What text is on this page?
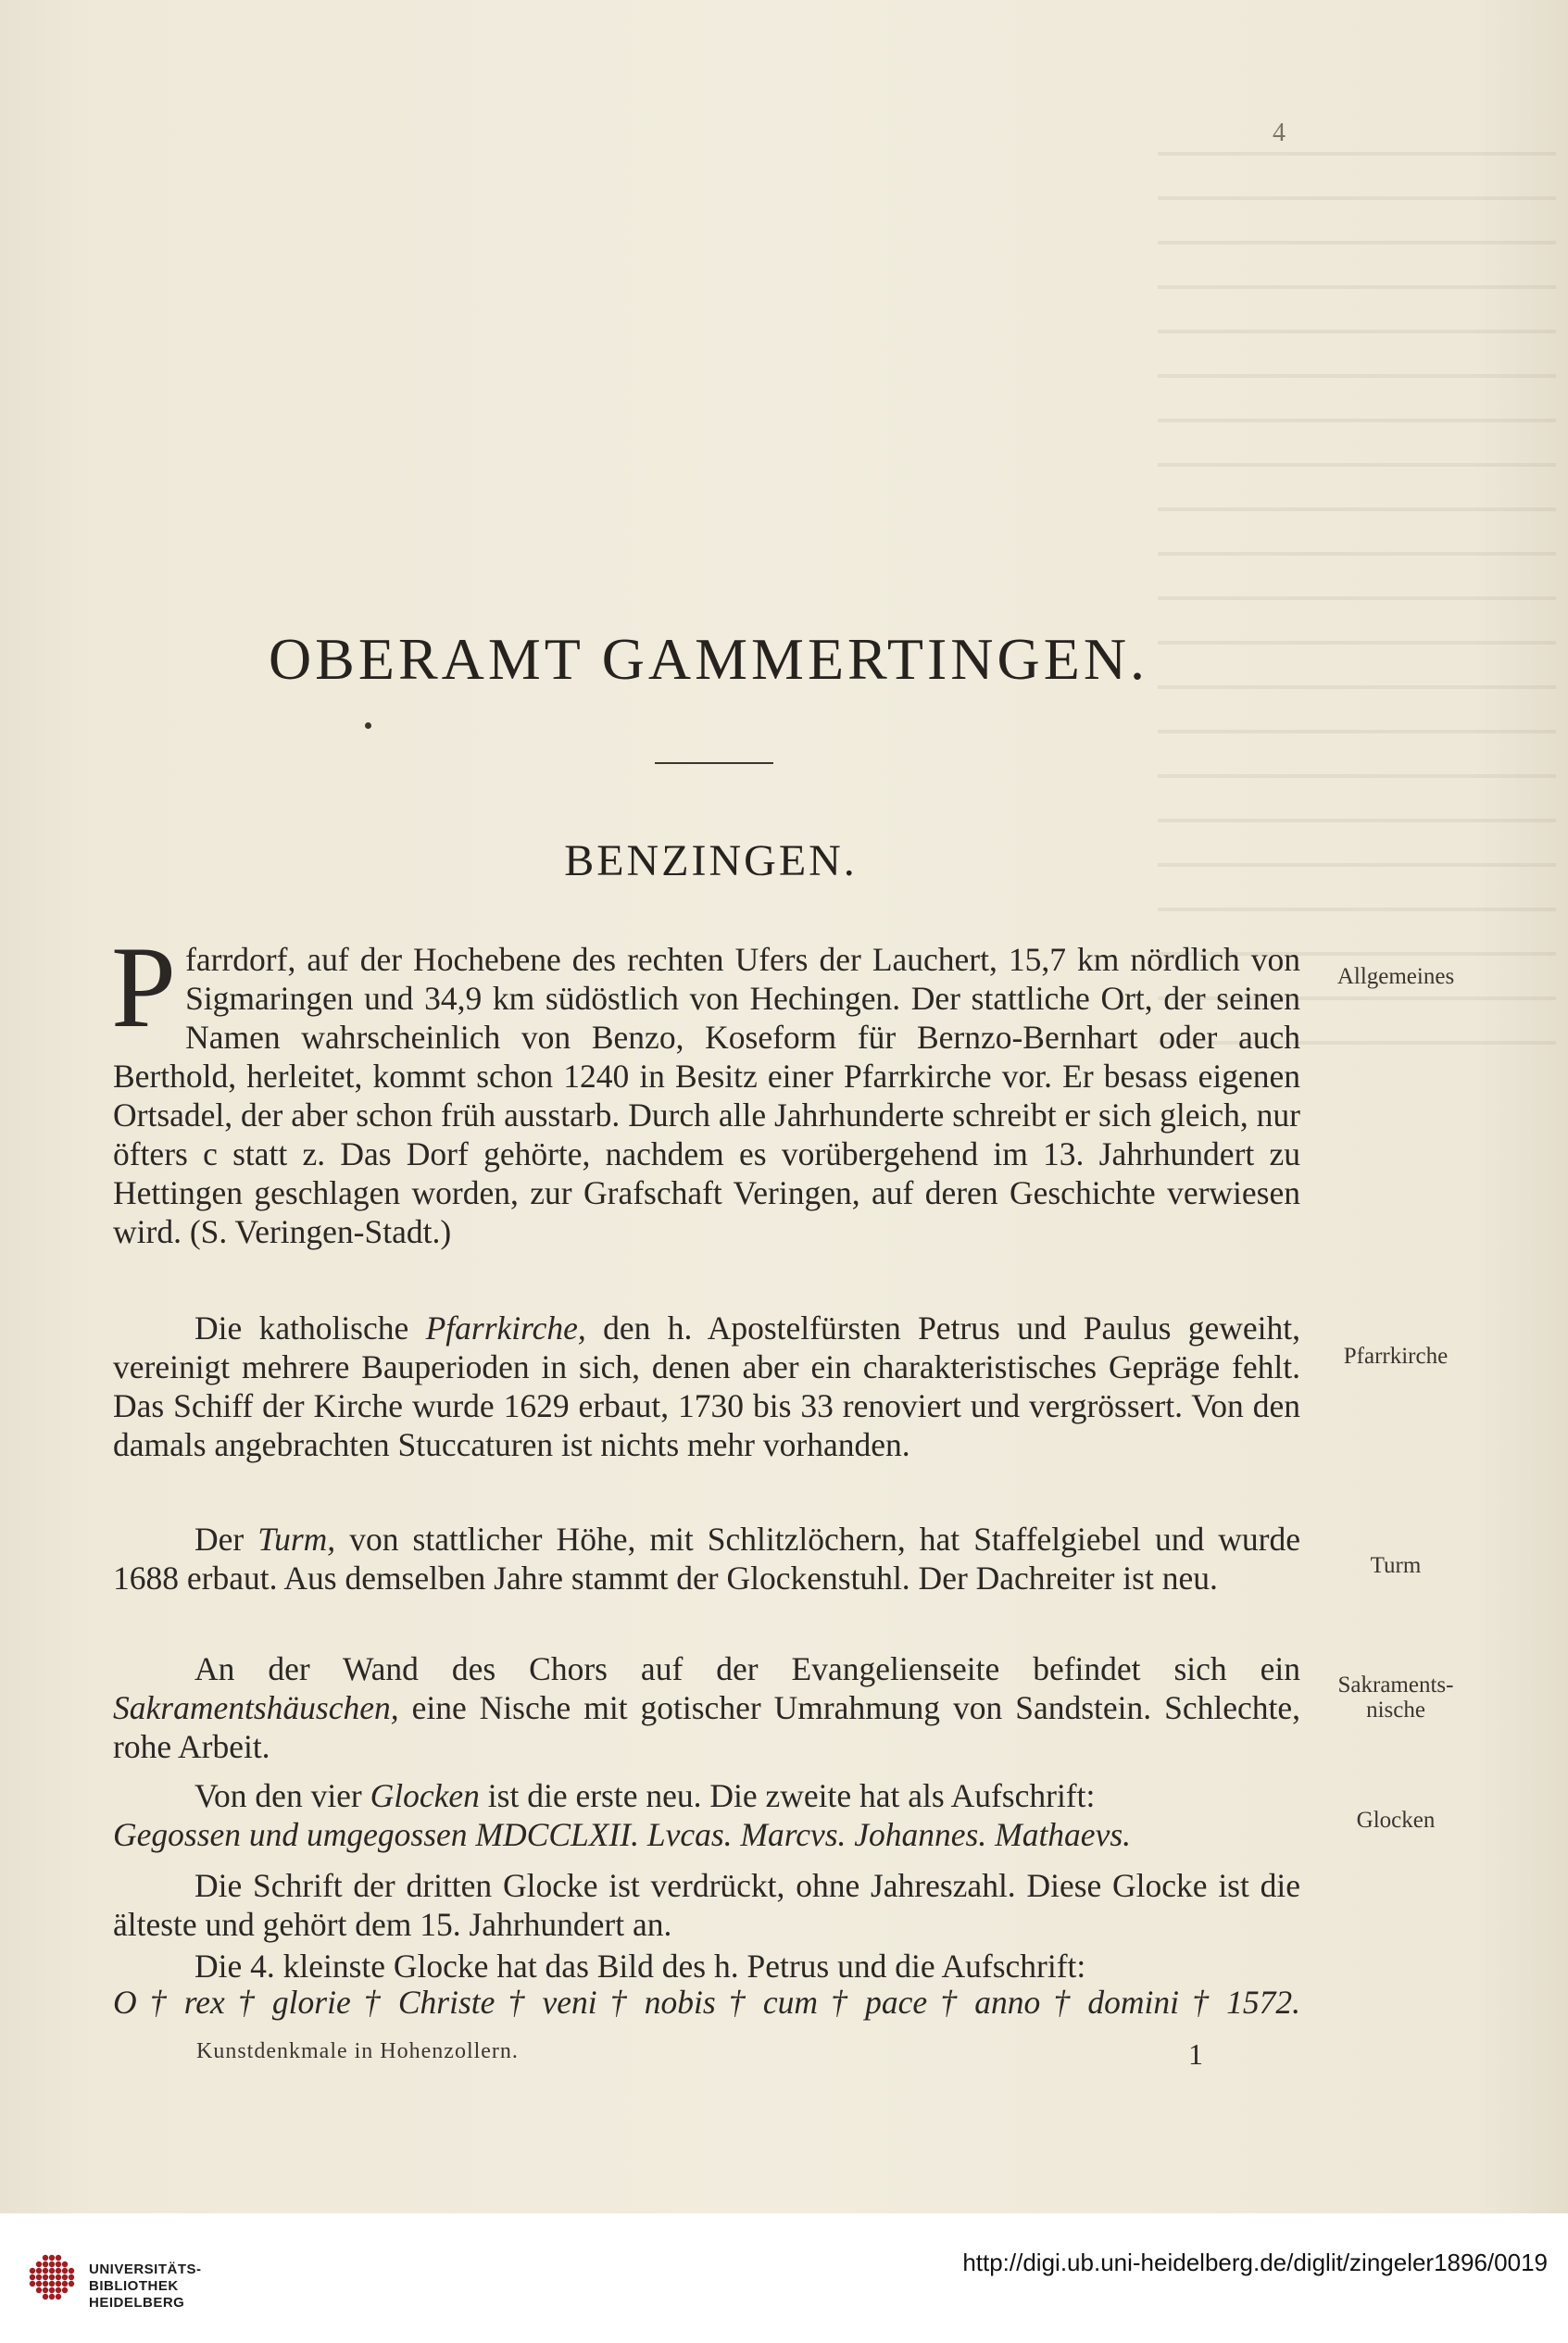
4
OBERAMT GAMMERTINGEN.
BENZINGEN.

Pfarrdorf, auf der Hochebene des rechten Ufers der Lauchert, 15,7 km nördlich von Sigmaringen und 34,9 km südöstlich von Hechingen. Der stattliche Ort, der seinen Namen wahrscheinlich von Benzo, Koseform für Bernzo-Bernhart oder auch Berthold, herleitet, kommt schon 1240 in Besitz einer Pfarrkirche vor. Er besass eigenen Ortsadel, der aber schon früh ausstarb. Durch alle Jahrhunderte schreibt er sich gleich, nur öfters c statt z. Das Dorf gehörte, nachdem es vorübergehend im 13. Jahrhundert zu Hettingen geschlagen worden, zur Grafschaft Veringen, auf deren Geschichte verwiesen wird. (S. Veringen-Stadt.)

Die katholische Pfarrkirche, den h. Apostelfürsten Petrus und Paulus geweiht, vereinigt mehrere Bauperioden in sich, denen aber ein charakteristisches Gepräge fehlt. Das Schiff der Kirche wurde 1629 erbaut, 1730 bis 33 renoviert und vergrössert. Von den damals angebrachten Stuccaturen ist nichts mehr vorhanden.

Der Turm, von stattlicher Höhe, mit Schlitzlöchern, hat Staffelgiebel und wurde 1688 erbaut. Aus demselben Jahre stammt der Glockenstuhl. Der Dachreiter ist neu.

An der Wand des Chors auf der Evangelienseite befindet sich ein Sakramentshäuschen, eine Nische mit gotischer Umrahmung von Sandstein. Schlechte, rohe Arbeit.

Von den vier Glocken ist die erste neu. Die zweite hat als Aufschrift:

Gegossen und umgegossen MDCCLXII. Lvcas. Marcvs. Johannes. Mathaevs.

Die Schrift der dritten Glocke ist verdrückt, ohne Jahreszahl. Diese Glocke ist die älteste und gehört dem 15. Jahrhundert an.

Die 4. kleinste Glocke hat das Bild des h. Petrus und die Aufschrift:

O † rex † glorie † Christe † veni † nobis † cum † pace † anno † domini † 1572.

Allgemeines
Pfarrkirche
Turm
Sakraments-
nische
Glocken
Kunstdenkmale in Hohenzollern.	1
UNIVERSITÄTS-
BIBLIOTHEK
HEIDELBERG
http://digi.ub.uni-heidelberg.de/diglit/zingeler1896/0019
